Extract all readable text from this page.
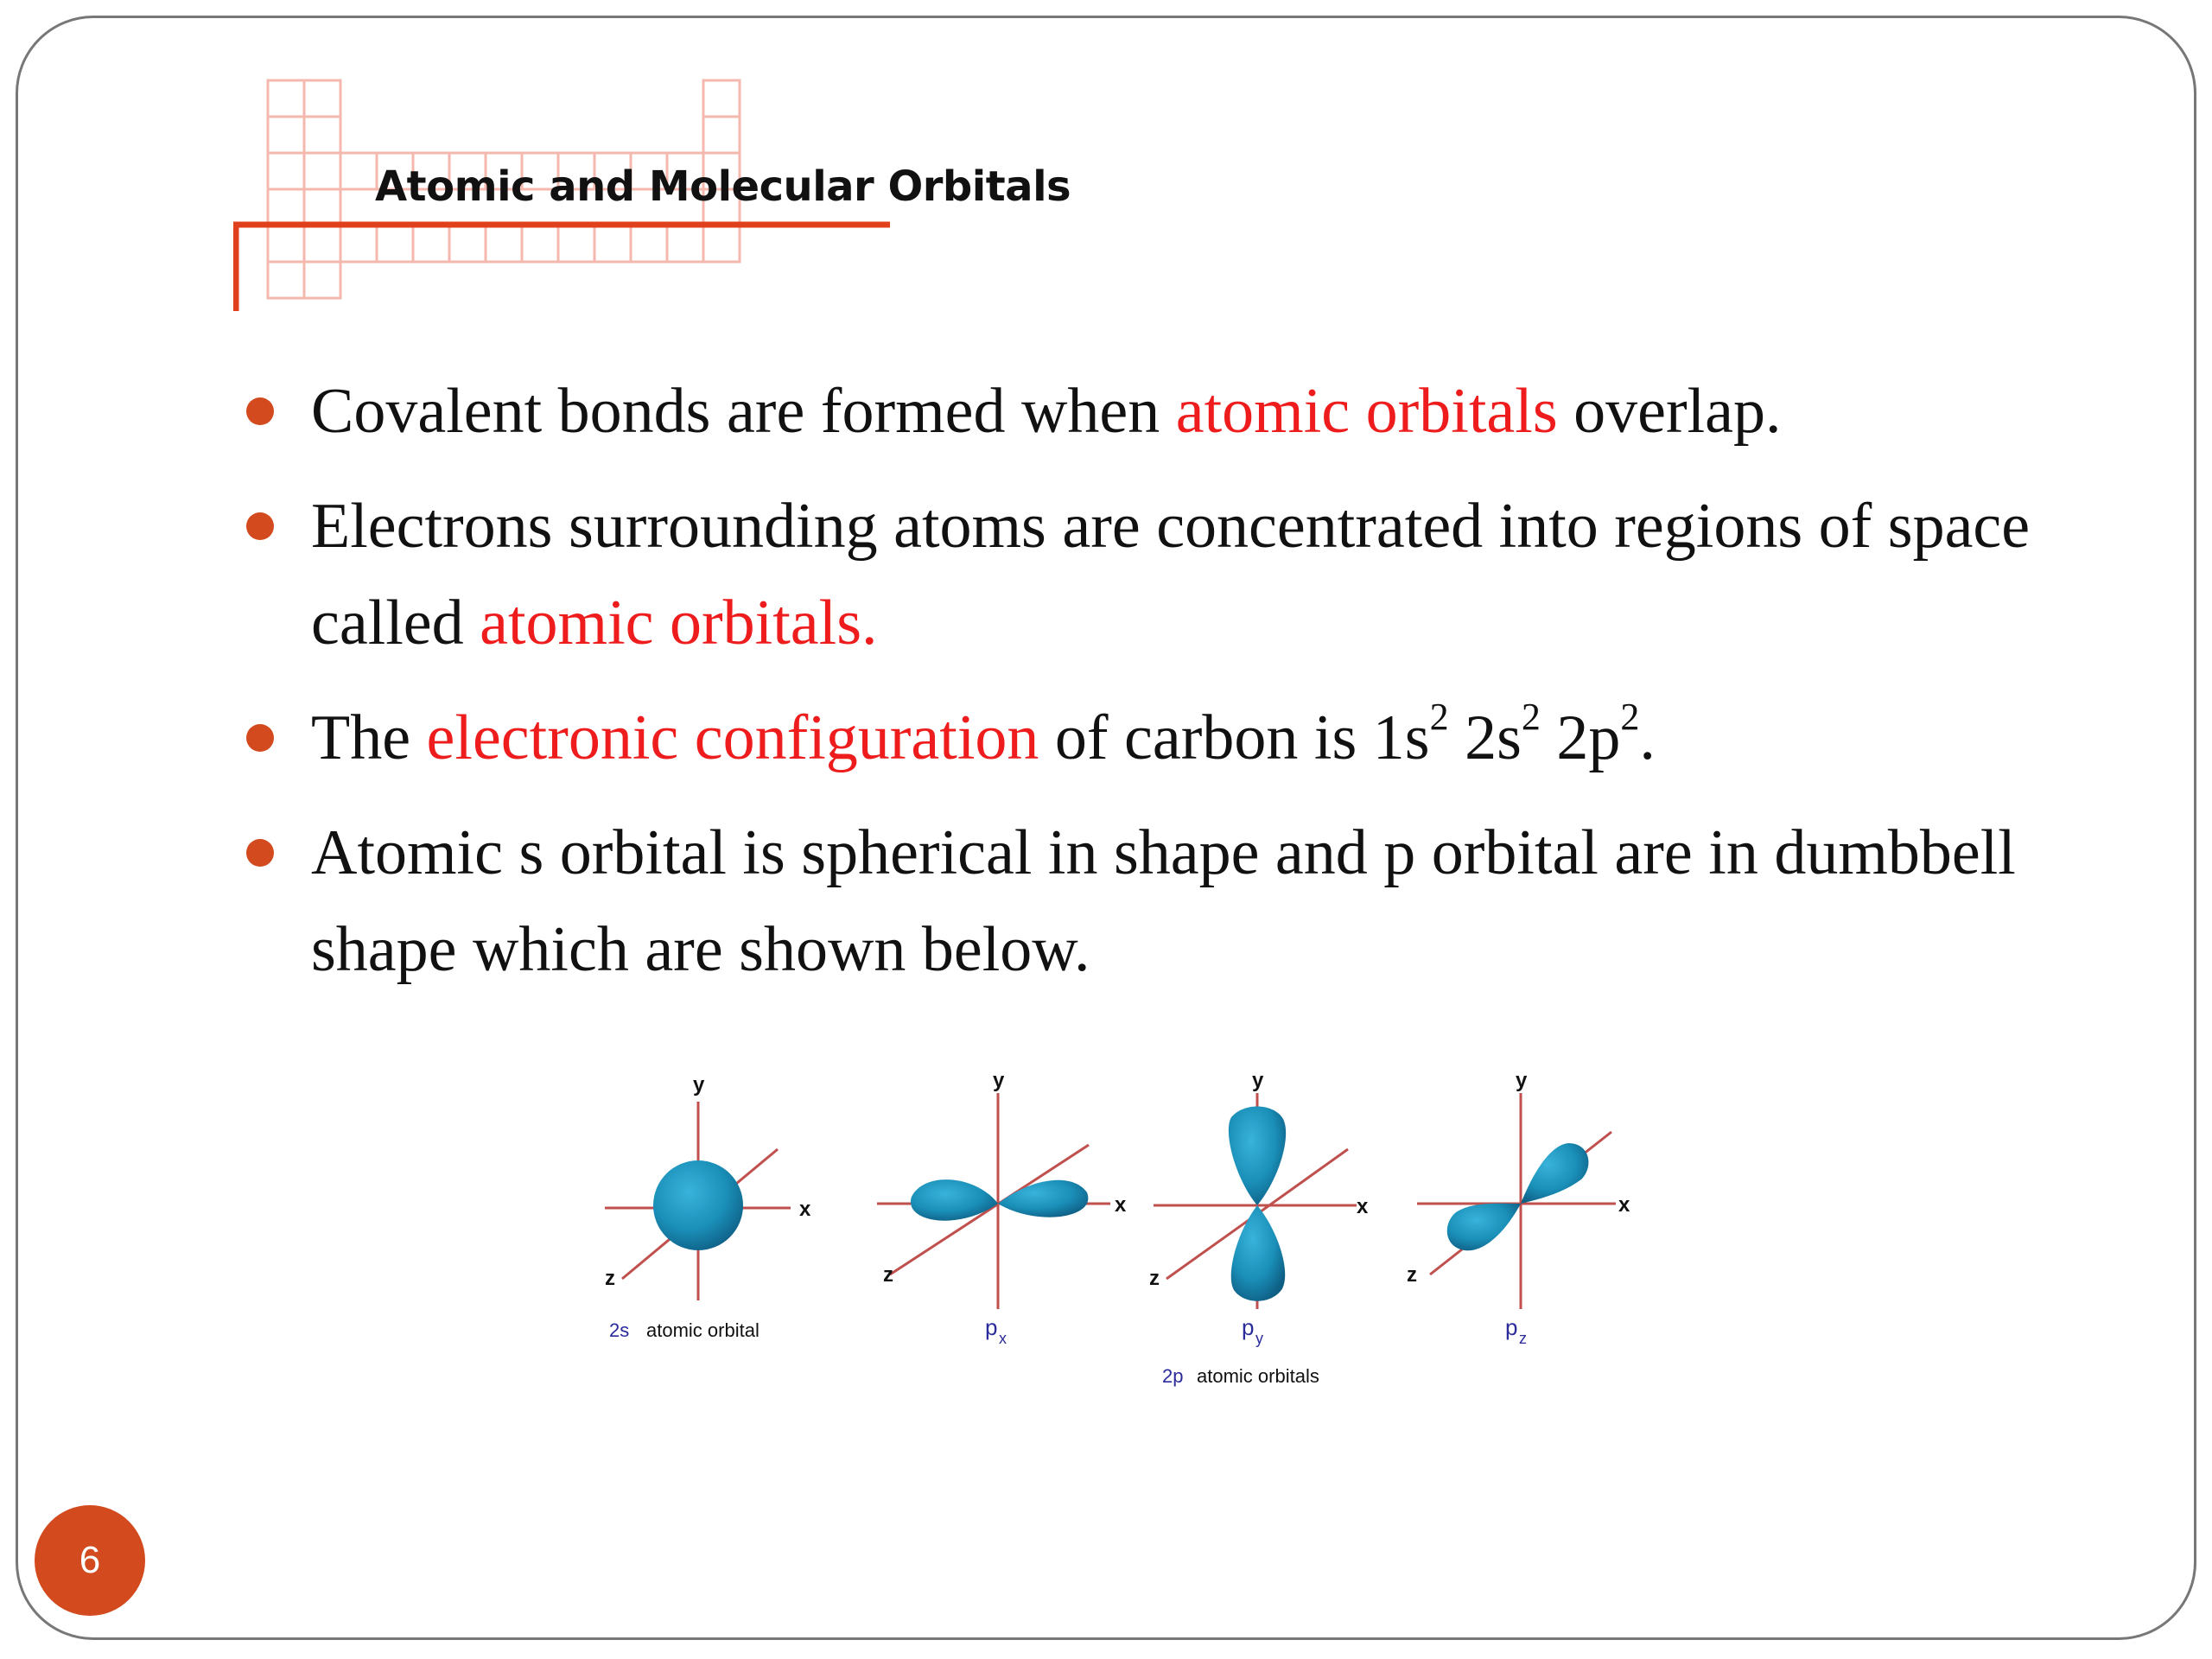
Atomic and Molecular Orbitals
Covalent bonds are formed when atomic orbitals overlap.
Electrons surrounding atoms are concentrated into regions of space called atomic orbitals.
The electronic configuration of carbon is $1s^2$ $2s^2$ $2p^2$.
Atomic s orbital is spherical in shape and p orbital are in dumbbell shape which are shown below.
y
x
z
2s atomic orbital
y
x
z
p x
y
x
z
p y
2p atomic orbitals
y
x
z
p z
6
